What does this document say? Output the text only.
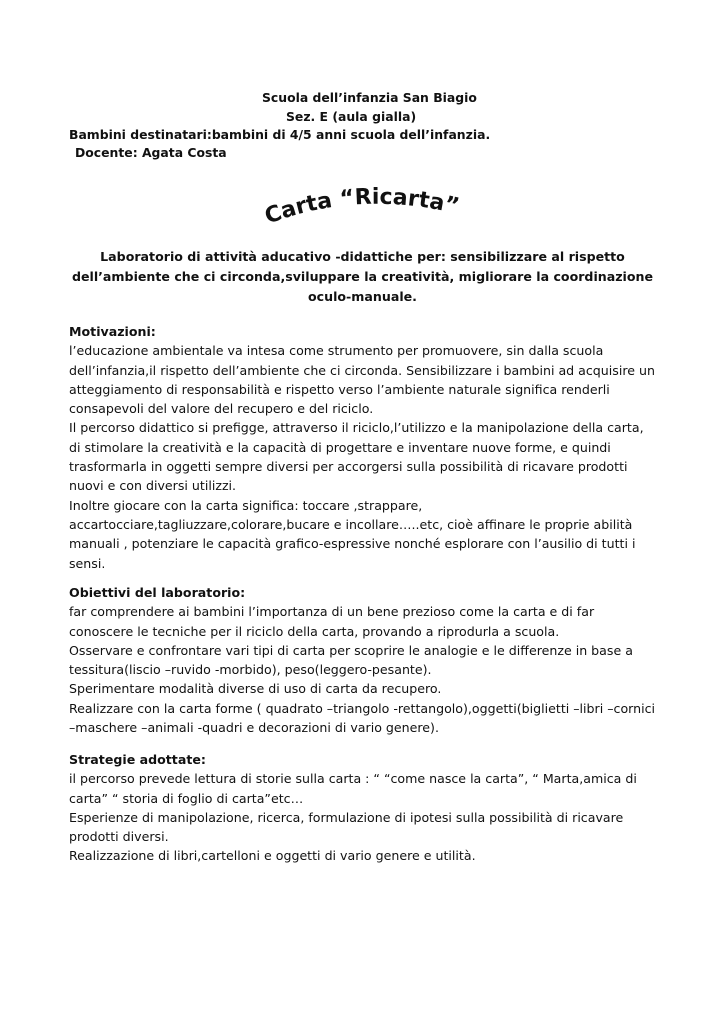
Scuola dell’infanzia San Biagio
Sez. E (aula gialla)
Bambini destinatari:bambini di 4/5 anni scuola dell’infanzia.
Docente: Agata Costa
Carta “Ricarta”
Laboratorio di attività aducativo -didattiche per: sensibilizzare al rispetto dell’ambiente che ci circonda,sviluppare la creatività, migliorare la coordinazione oculo-manuale.

Motivazioni:

l’educazione ambientale va intesa come strumento per promuovere, sin dalla scuola dell’infanzia,il rispetto dell’ambiente che ci circonda. Sensibilizzare i bambini ad acquisire un atteggiamento di responsabilità e rispetto verso l’ambiente naturale significa renderli consapevoli del valore del recupero e del riciclo.

Il percorso didattico si prefigge, attraverso il riciclo,l’utilizzo e la manipolazione della carta, di stimolare la creatività e la capacità di progettare e inventare nuove forme, e quindi trasformarla in oggetti sempre diversi per accorgersi sulla possibilità di ricavare prodotti nuovi e con diversi utilizzi.

Inoltre giocare con la carta significa: toccare ,strappare, accartocciare,tagliuzzare,colorare,bucare e incollare…..etc, cioè affinare le proprie abilità manuali , potenziare le capacità grafico-espressive nonché esplorare con l’ausilio di tutti i sensi.

Obiettivi del laboratorio:

far comprendere ai bambini l’importanza di un bene prezioso come la carta e di far conoscere le tecniche per il riciclo della carta, provando a riprodurla a scuola.

Osservare e confrontare vari tipi di carta per scoprire le analogie e le differenze in base a tessitura(liscio –ruvido -morbido), peso(leggero-pesante).

Sperimentare modalità diverse di uso di carta da recupero.

Realizzare con la carta forme ( quadrato –triangolo -rettangolo),oggetti(biglietti –libri –cornici –maschere –animali -quadri e decorazioni di vario genere).

Strategie adottate:

il percorso prevede lettura di storie sulla carta : “ “come nasce la carta”, “ Marta,amica di carta” “ storia di foglio di carta”etc…

Esperienze di manipolazione, ricerca, formulazione di ipotesi sulla possibilità di ricavare prodotti diversi.

Realizzazione di libri,cartelloni e oggetti di vario genere e utilità.
